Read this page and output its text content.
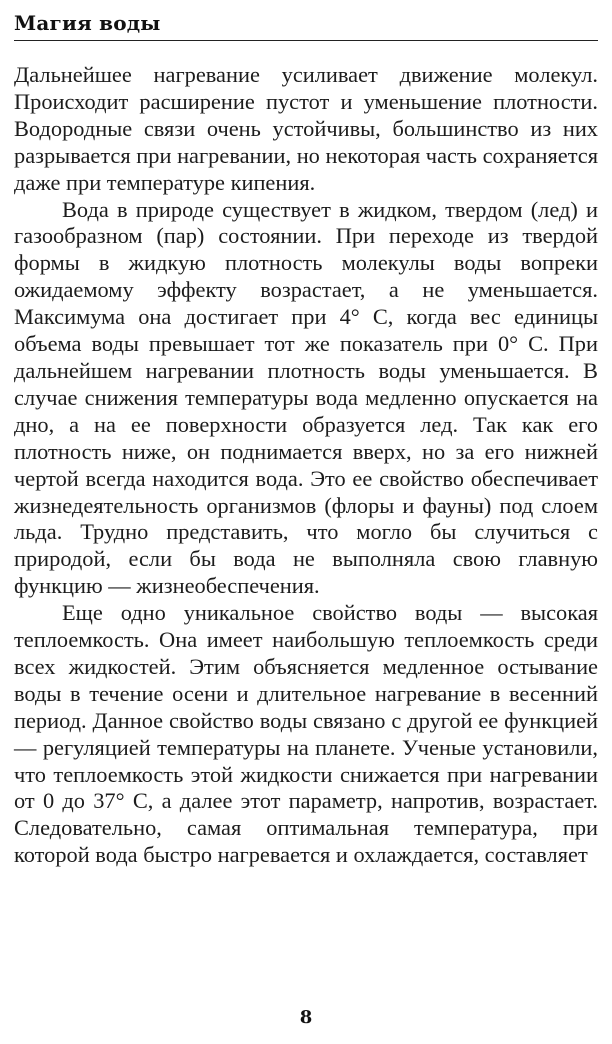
Магия воды

Дальнейшее нагревание усиливает движение молекул. Происходит расширение пустот и уменьшение плотности. Водородные связи очень устойчивы, большинство из них разрывается при нагревании, но некоторая часть сохраняется даже при температуре кипения.

Вода в природе существует в жидком, твердом (лед) и газообразном (пар) состоянии. При переходе из твердой формы в жидкую плотность молекулы воды вопреки ожидаемому эффекту возрастает, а не уменьшается. Максимума она достигает при 4° С, когда вес единицы объема воды превышает тот же показатель при 0° С. При дальнейшем нагревании плотность воды уменьшается. В случае снижения температуры вода медленно опускается на дно, а на ее поверхности образуется лед. Так как его плотность ниже, он поднимается вверх, но за его нижней чертой всегда находится вода. Это ее свойство обеспечивает жизнедеятельность организмов (флоры и фауны) под слоем льда. Трудно представить, что могло бы случиться с природой, если бы вода не выполняла свою главную функцию — жизнеобеспечения.

Еще одно уникальное свойство воды — высокая теплоемкость. Она имеет наибольшую теплоемкость среди всех жидкостей. Этим объясняется медленное остывание воды в течение осени и длительное нагревание в весенний период. Данное свойство воды связано с другой ее функцией — регуляцией температуры на планете. Ученые установили, что теплоемкость этой жидкости снижается при нагревании от 0 до 37° С, а далее этот параметр, напротив, возрастает. Следовательно, самая оптимальная температура, при которой вода быстро нагревается и охлаждается, составляет

8
